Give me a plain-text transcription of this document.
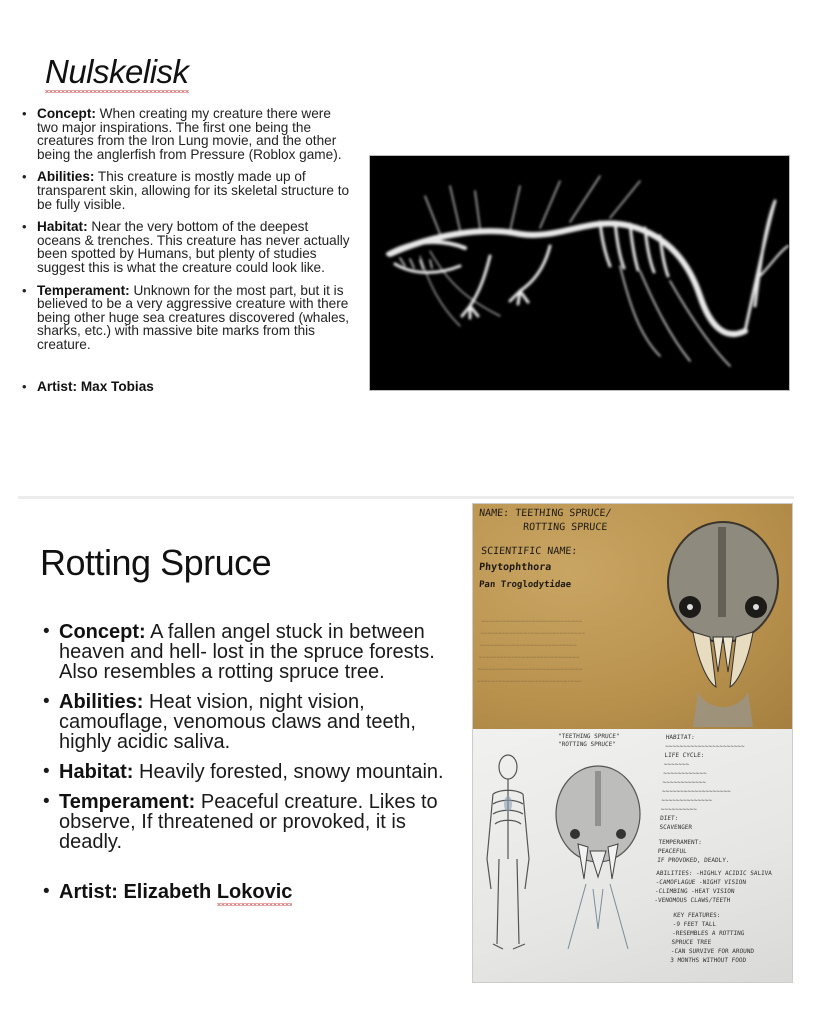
Nulskelisk
• Concept: When creating my creature there were two major inspirations. The first one being the creatures from the Iron Lung movie, and the other being the anglerfish from Pressure (Roblox game).
• Abilities: This creature is mostly made up of transparent skin, allowing for its skeletal structure to be fully visible.
• Habitat: Near the very bottom of the deepest oceans & trenches. This creature has never actually been spotted by Humans, but plenty of studies suggest this is what the creature could look like.
• Temperament: Unknown for the most part, but it is believed to be a very aggressive creature with there being other huge sea creatures discovered (whales, sharks, etc.) with massive bite marks from this creature.
• Artist: Max Tobias
Rotting Spruce
• Concept: A fallen angel stuck in between heaven and hell- lost in the spruce forests. Also resembles a rotting spruce tree.
• Abilities: Heat vision, night vision, camouflage, venomous claws and teeth, highly acidic saliva.
• Habitat: Heavily forested, snowy mountain.
• Temperament: Peaceful creature. Likes to observe, If threatened or provoked, it is deadly.
• Artist: Elizabeth Lokovic
NAME: TEETHING SPRUCE/
ROTTING SPRUCE
SCIENTIFIC NAME:
Phytophthora
Pan Troglodytidae
~~~~~~~~~~~~~~~~~~~~~~~~~~~~
~~~~~~~~~~~~~~~~~~~~~~~~~~~~~
~~~~~~~~~~~~~~~~~~~~~~~~~~~
~~~~~~~~~~~~~~~~~~~~~~~~~~~~
~~~~~~~~~~~~~~~~~~~~~~~~~~~~~
~~~~~~~~~~~~~~~~~~~~~~~~~~~~~
"TEETHING SPRUCE"
"ROTTING SPRUCE"
HABITAT:
~~~~~~~~~~~~~~~~~~~~~~
LIFE CYCLE:
~~~~~~~
~~~~~~~~~~~~
~~~~~~~~~~~~
~~~~~~~~~~~~~~~~~~~
~~~~~~~~~~~~~~
~~~~~~~~~~
DIET:
SCAVENGER
TEMPERAMENT:
PEACEFUL
IF PROVOKED, DEADLY.
ABILITIES: -HIGHLY ACIDIC SALIVA
-CAMOFLAGUE -NIGHT VISION
-CLIMBING -HEAT VISION
-VENOMOUS CLAWS/TEETH
KEY FEATURES:
-9 FEET TALL
-RESEMBLES A ROTTING
SPRUCE TREE
-CAN SURVIVE FOR AROUND
3 MONTHS WITHOUT FOOD
